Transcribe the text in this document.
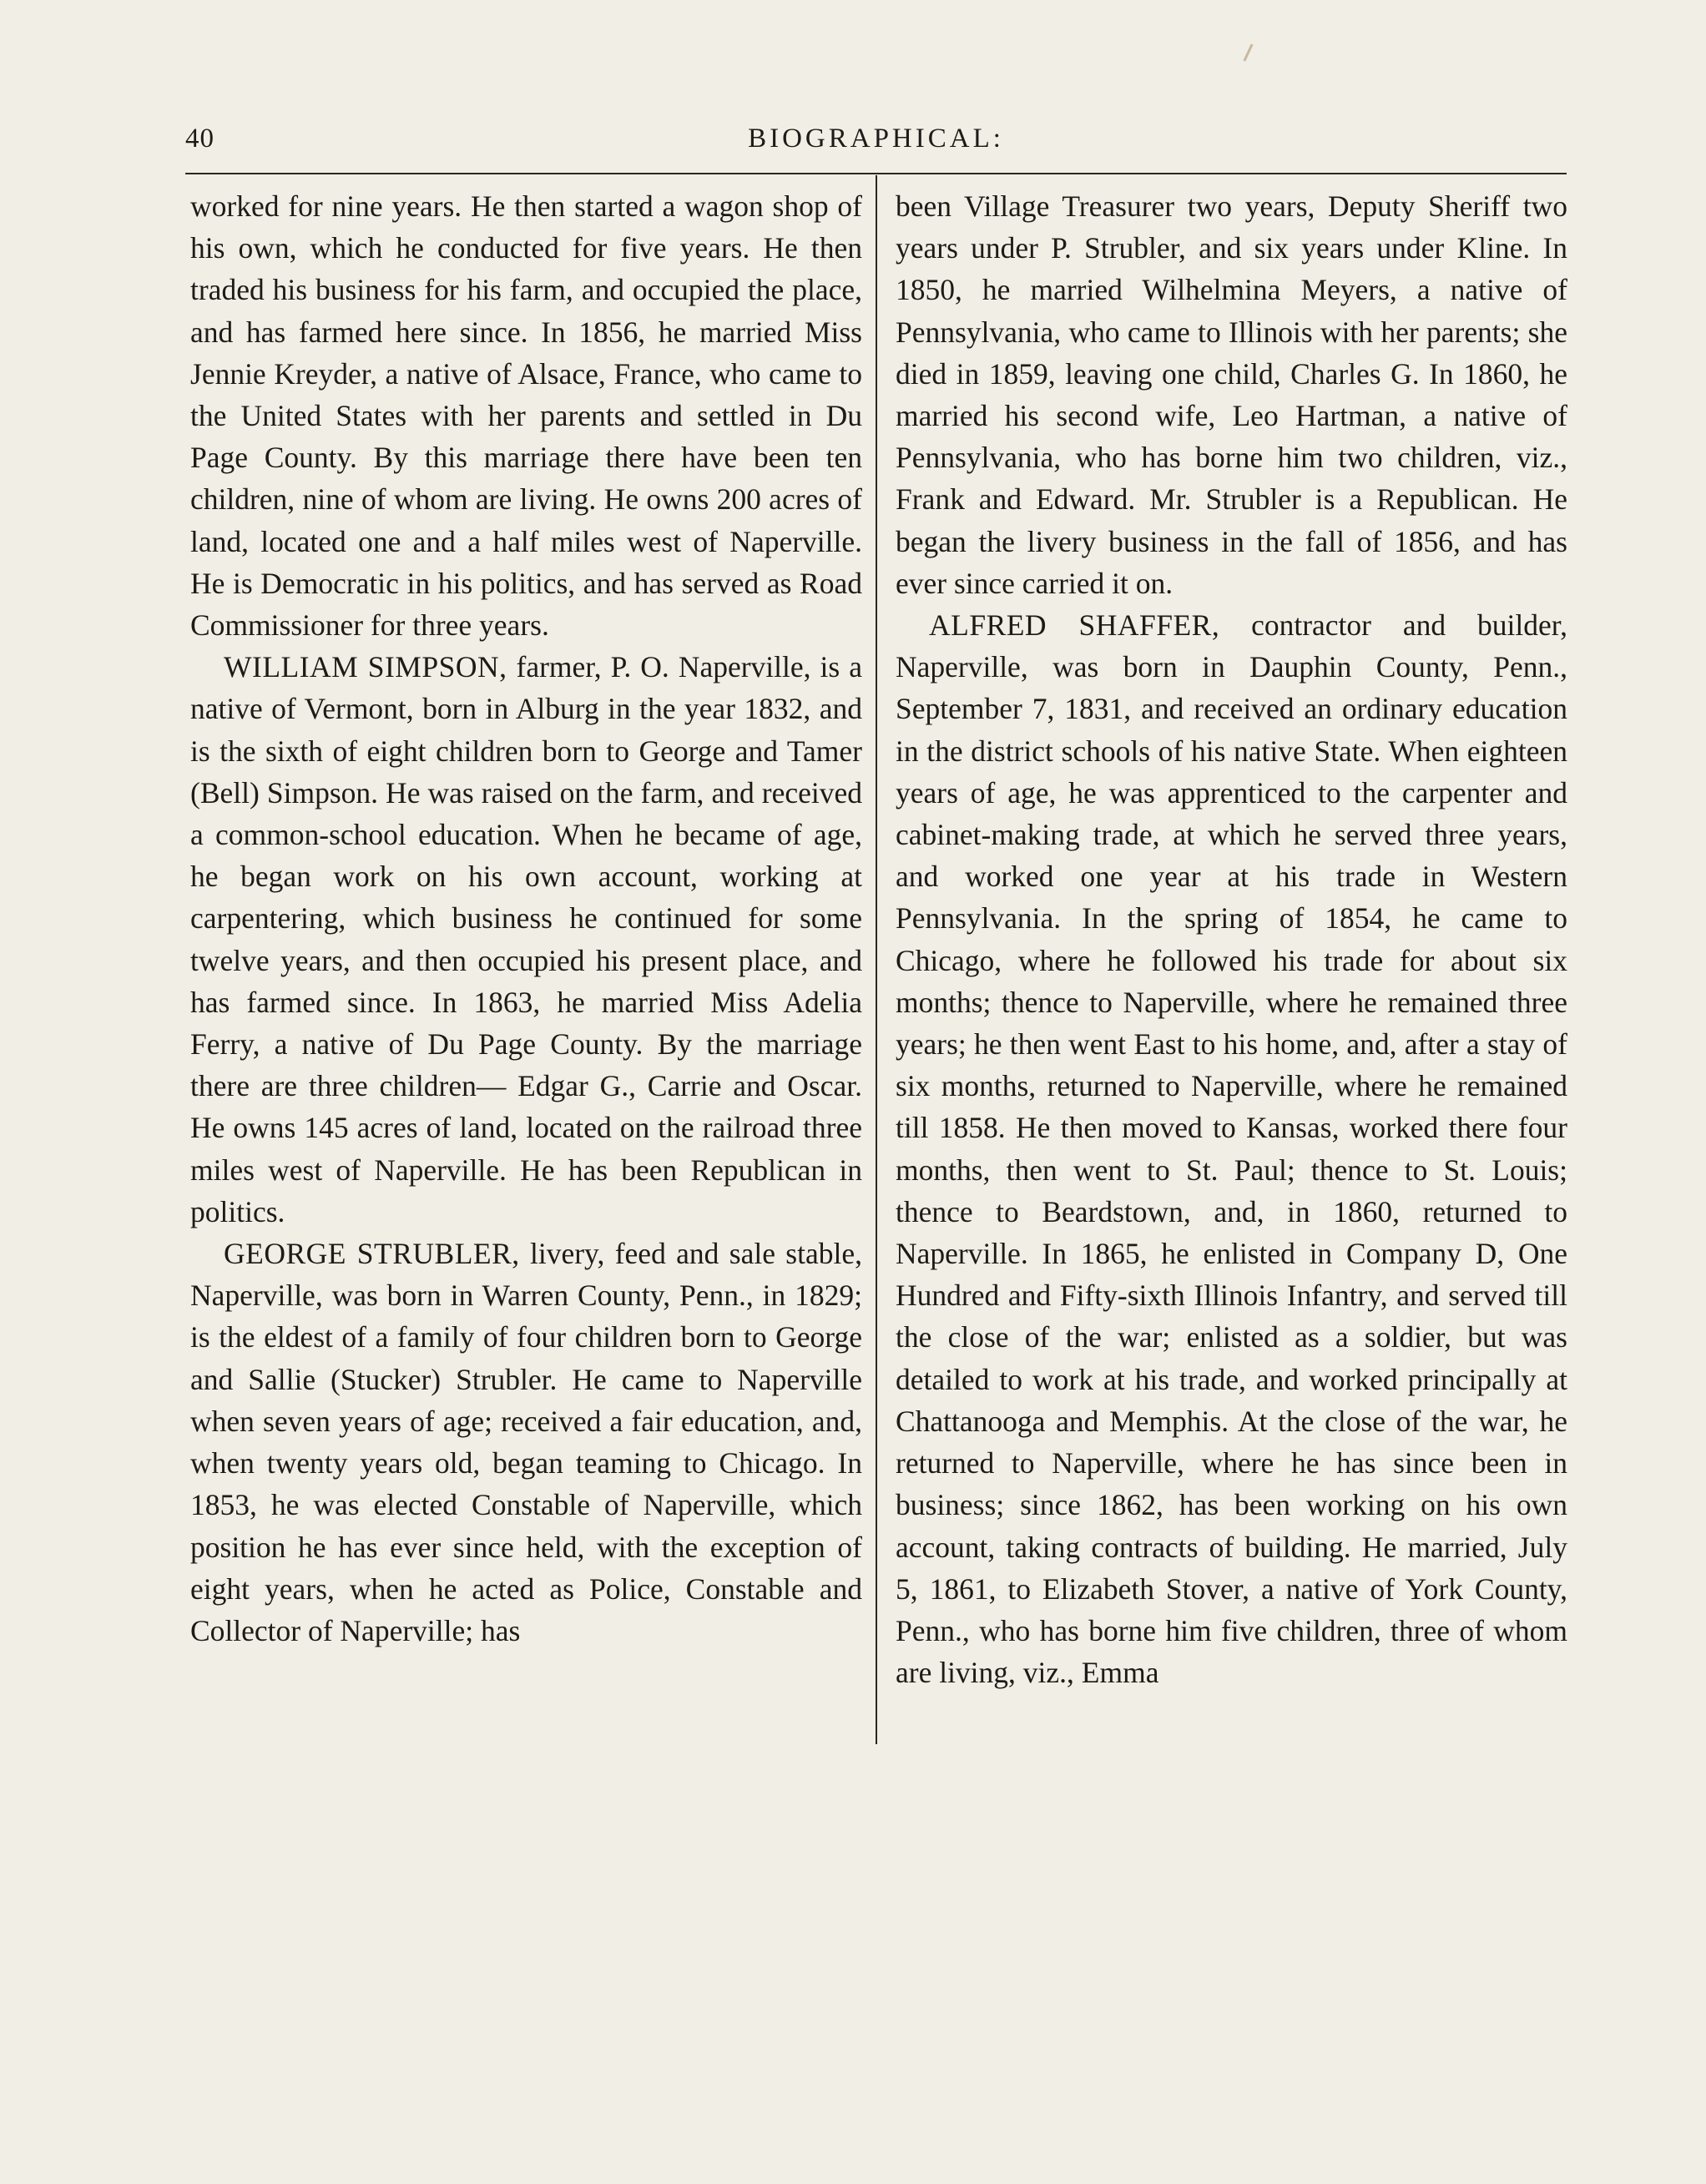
40	BIOGRAPHICAL:

worked for nine years. He then started a wagon shop of his own, which he conducted for five years. He then traded his business for his farm, and occupied the place, and has farmed here since. In 1856, he married Miss Jennie Kreyder, a native of Alsace, France, who came to the United States with her parents and settled in Du Page County. By this marriage there have been ten children, nine of whom are living. He owns 200 acres of land, located one and a half miles west of Naperville. He is Democratic in his politics, and has served as Road Commissioner for three years.

WILLIAM SIMPSON, farmer, P. O. Naperville, is a native of Vermont, born in Alburg in the year 1832, and is the sixth of eight children born to George and Tamer (Bell) Simpson. He was raised on the farm, and received a common-school education. When he became of age, he began work on his own account, working at carpentering, which business he continued for some twelve years, and then occupied his present place, and has farmed since. In 1863, he married Miss Adelia Ferry, a native of Du Page County. By the marriage there are three children— Edgar G., Carrie and Oscar. He owns 145 acres of land, located on the railroad three miles west of Naperville. He has been Republican in politics.

GEORGE STRUBLER, livery, feed and sale stable, Naperville, was born in Warren County, Penn., in 1829; is the eldest of a family of four children born to George and Sallie (Stucker) Strubler. He came to Naperville when seven years of age; received a fair education, and, when twenty years old, began teaming to Chicago. In 1853, he was elected Constable of Naperville, which position he has ever since held, with the exception of eight years, when he acted as Police, Constable and Collector of Naperville; has

been Village Treasurer two years, Deputy Sheriff two years under P. Strubler, and six years under Kline. In 1850, he married Wilhelmina Meyers, a native of Pennsylvania, who came to Illinois with her parents; she died in 1859, leaving one child, Charles G. In 1860, he married his second wife, Leo Hartman, a native of Pennsylvania, who has borne him two children, viz., Frank and Edward. Mr. Strubler is a Republican. He began the livery business in the fall of 1856, and has ever since carried it on.

ALFRED SHAFFER, contractor and builder, Naperville, was born in Dauphin County, Penn., September 7, 1831, and received an ordinary education in the district schools of his native State. When eighteen years of age, he was apprenticed to the carpenter and cabinet-making trade, at which he served three years, and worked one year at his trade in Western Pennsylvania. In the spring of 1854, he came to Chicago, where he followed his trade for about six months; thence to Naperville, where he remained three years; he then went East to his home, and, after a stay of six months, returned to Naperville, where he remained till 1858. He then moved to Kansas, worked there four months, then went to St. Paul; thence to St. Louis; thence to Beardstown, and, in 1860, returned to Naperville. In 1865, he enlisted in Company D, One Hundred and Fifty-sixth Illinois Infantry, and served till the close of the war; enlisted as a soldier, but was detailed to work at his trade, and worked principally at Chattanooga and Memphis. At the close of the war, he returned to Naperville, where he has since been in business; since 1862, has been working on his own account, taking contracts of building. He married, July 5, 1861, to Elizabeth Stover, a native of York County, Penn., who has borne him five children, three of whom are living, viz., Emma
